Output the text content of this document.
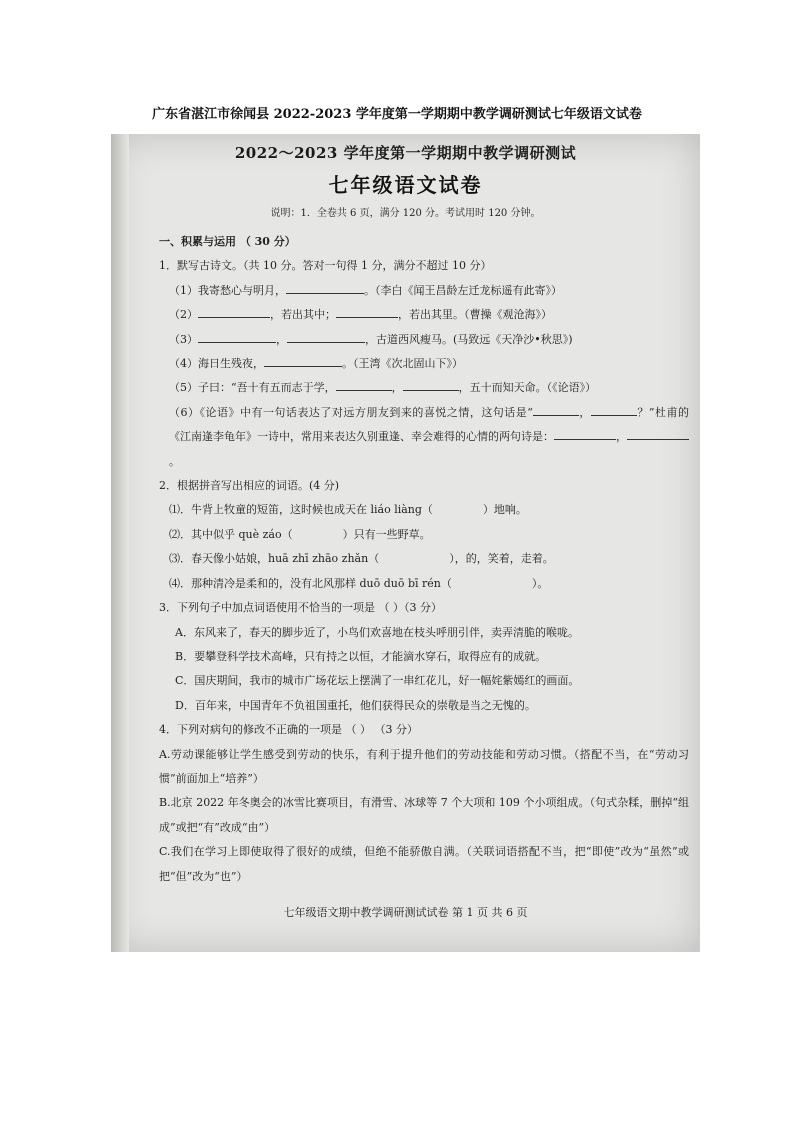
广东省湛江市徐闻县 2022-2023 学年度第一学期期中教学调研测试七年级语文试卷
2022～2023 学年度第一学期期中教学调研测试
七年级语文试卷
说明：1．全卷共 6 页，满分 120 分。考试用时 120 分钟。
一、积累与运用 （ 30 分）
1．默写古诗文。（共 10 分。答对一句得 1 分，满分不超过 10 分）
（1）我寄愁心与明月，	。（李白《闻王昌龄左迁龙标遥有此寄》）
（2）	，若出其中；	，若出其里。（曹操《观沧海》）
（3）	，	，古道西风瘦马。(马致远《天净沙•秋思》)
（4）海日生残夜，	。（王湾《次北固山下》）
（5）子曰：“吾十有五而志于学，	，	，五十而知天命。（《论语》）
（6）《论语》中有一句话表达了对远方朋友到来的喜悦之情，这句话是“	，	？”杜甫的《江南逢李龟年》一诗中，常用来表达久别重逢、幸会难得的心情的两句诗是：	，。
2．根据拼音写出相应的词语。(4 分)
⑴．牛背上牧童的短笛，这时候也成天在 liáo liàng（	）地响。
⑵．其中似乎 què záo（	）只有一些野草。
⑶．春天像小姑娘，huā zhī zhāo zhǎn（	），的，笑着，走着。
⑷．那种清冷是柔和的，没有北风那样 duō duō bī rén（	）。
3．下列句子中加点词语使用不恰当的一项是 （ ）（3 分）
A．东风来了，春天的脚步近了，小鸟们欢喜地在枝头呼朋引伴，卖弄清脆的喉咙。
B．要攀登科学技术高峰，只有持之以恒，才能滴水穿石，取得应有的成就。
C．国庆期间，我市的城市广场花坛上摆满了一串红花儿，好一幅姹紫嫣红的画面。
D．百年来，中国青年不负祖国重托，他们获得民众的崇敬是当之无愧的。
4．下列对病句的修改不正确的一项是 （ ） （3 分）
A.劳动课能够让学生感受到劳动的快乐，有利于提升他们的劳动技能和劳动习惯。（搭配不当，在“劳动习惯”前面加上“培养”）
B.北京 2022 年冬奥会的冰雪比赛项目，有滑雪、冰球等 7 个大项和 109 个小项组成。（句式杂糅，删掉“组成”或把“有”改成“由”）
C.我们在学习上即使取得了很好的成绩，但绝不能骄傲自满。（关联词语搭配不当，把“即使”改为“虽然”或把“但”改为“也”）
七年级语文期中教学调研测试试卷 第 1 页 共 6 页
